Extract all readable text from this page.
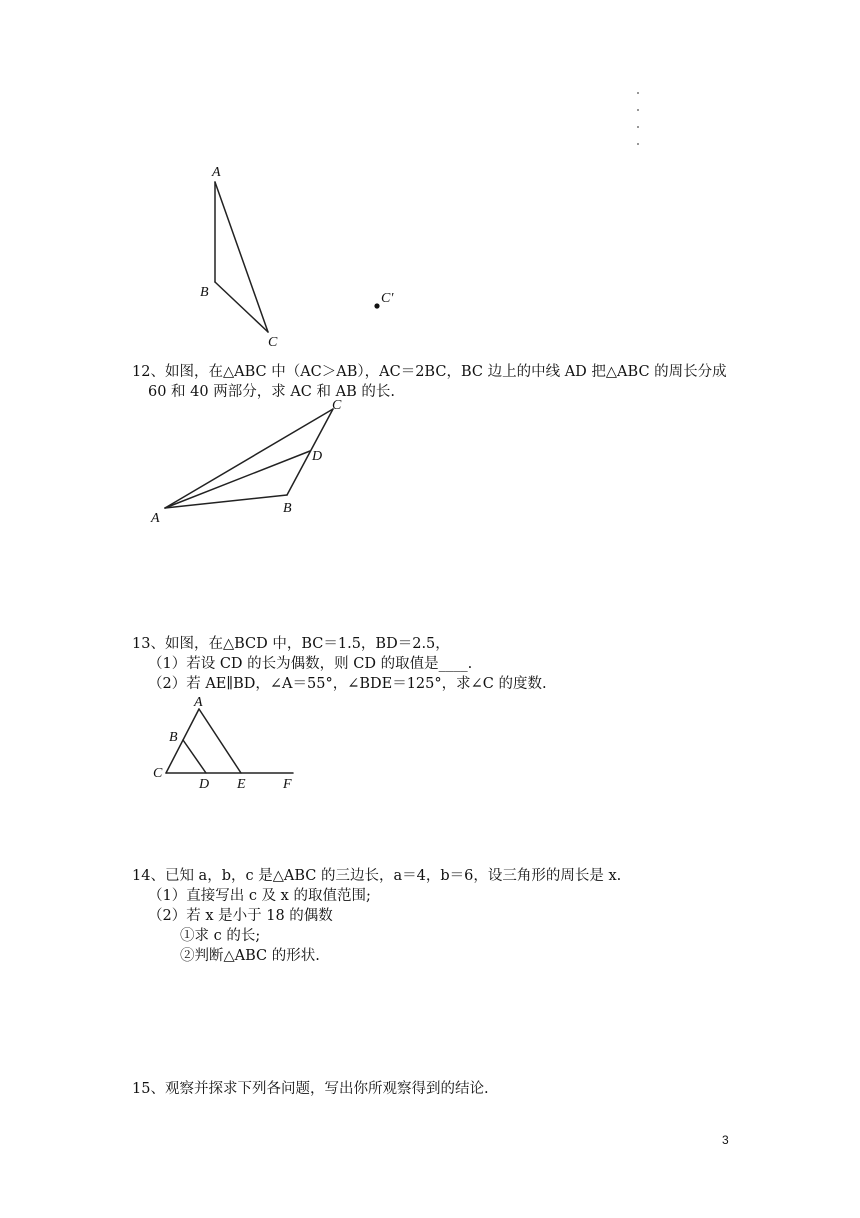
A
B
C
C′
12、如图，在△ABC 中（AC＞AB），AC＝2BC，BC 边上的中线 AD 把△ABC 的周长分成
60 和 40 两部分，求 AC 和 AB 的长.
A
B
C
D
13、如图，在△BCD 中，BC＝1.5，BD＝2.5，
（1）若设 CD 的长为偶数，则 CD 的取值是____.
（2）若 AE∥BD，∠A＝55°，∠BDE＝125°，求∠C 的度数.
A
B
C
D E	F
14、已知 a，b，c 是△ABC 的三边长，a＝4，b＝6，设三角形的周长是 x.
（1）直接写出 c 及 x 的取值范围;
（2）若 x 是小于 18 的偶数
①求 c 的长;
②判断△ABC 的形状.
15、观察并探求下列各问题，写出你所观察得到的结论.
3
